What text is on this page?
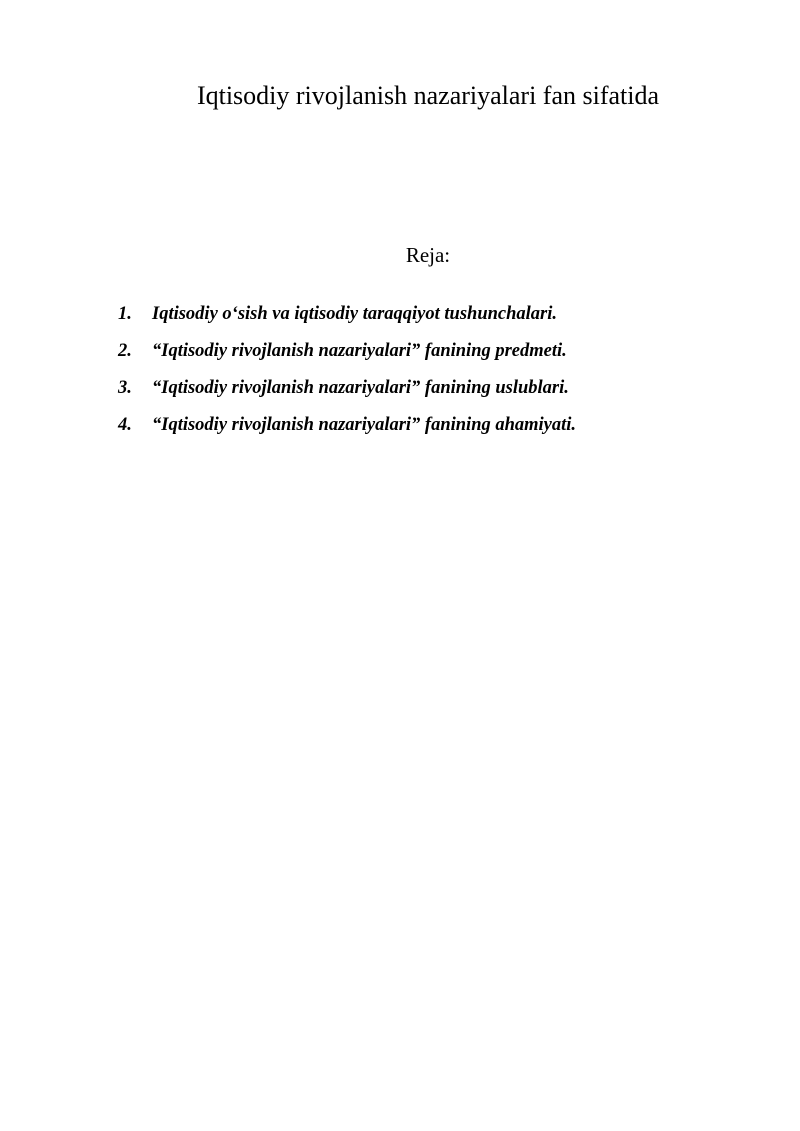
Iqtisodiy rivojlanish nazariyalari fan sifatida
Reja:
1.	Iqtisodiy o‘sish va iqtisodiy taraqqiyot tushunchalari.
2.	“Iqtisodiy rivojlanish nazariyalari” fanining predmeti.
3.	“Iqtisodiy rivojlanish nazariyalari” fanining uslublari.
4.	“Iqtisodiy rivojlanish nazariyalari” fanining ahamiyati.
